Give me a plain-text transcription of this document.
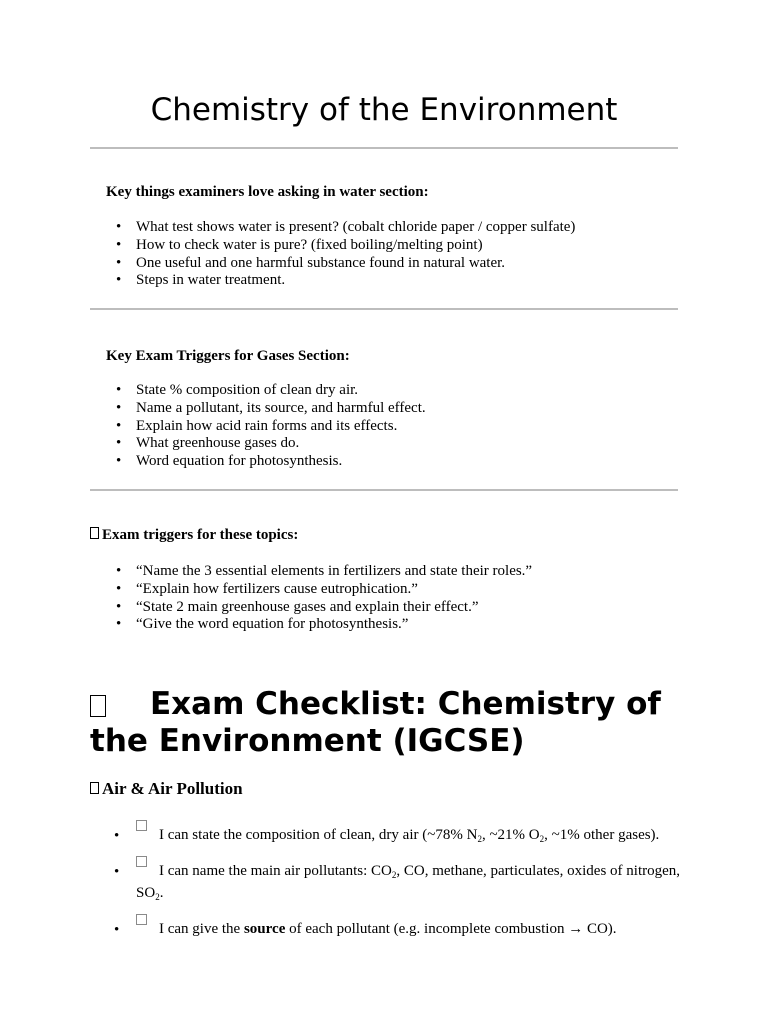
Chemistry of the Environment

Key things examiners love asking in water section:

• What test shows water is present? (cobalt chloride paper / copper sulfate)
• How to check water is pure? (fixed boiling/melting point)
• One useful and one harmful substance found in natural water.
• Steps in water treatment.

Key Exam Triggers for Gases Section:

• State % composition of clean dry air.
• Name a pollutant, its source, and harmful effect.
• Explain how acid rain forms and its effects.
• What greenhouse gases do.
• Word equation for photosynthesis.

Exam triggers for these topics:

• “Name the 3 essential elements in fertilizers and state their roles.”
• “Explain how fertilizers cause eutrophication.”
• “State 2 main greenhouse gases and explain their effect.”
• “Give the word equation for photosynthesis.”
Exam Checklist: Chemistry of the Environment (IGCSE)
Air & Air Pollution
• I can state the composition of clean, dry air (~78% $N_2$, ~21% $O_2$, ~1% other gases).
• I can name the main air pollutants: $CO_2$, CO, methane, particulates, oxides of nitrogen, $SO_2$.
• I can give the source of each pollutant (e.g. incomplete combustion → CO).
